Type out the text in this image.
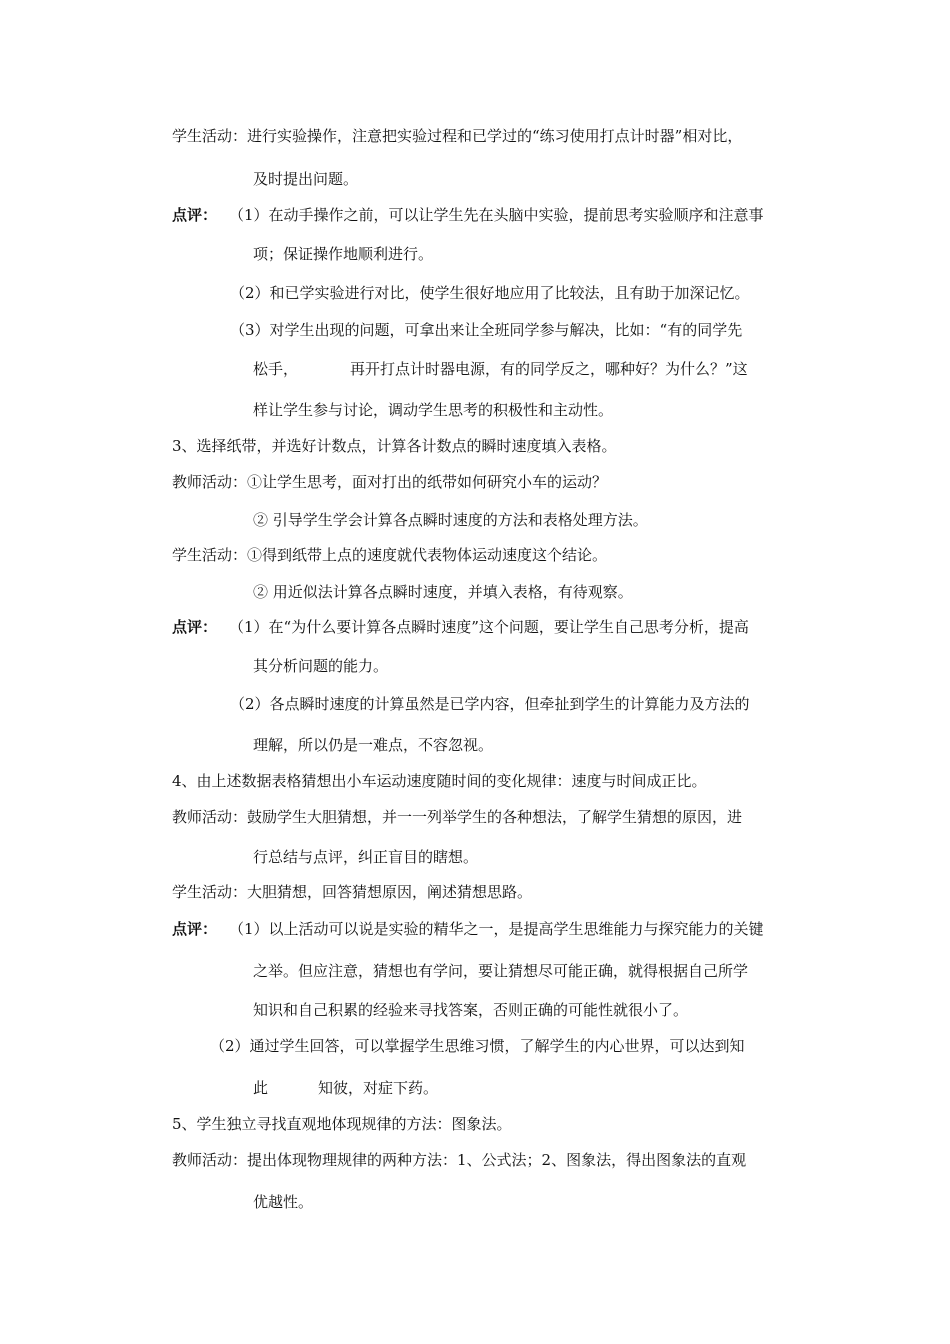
学生活动：进行实验操作，注意把实验过程和已学过的“练习使用打点计时器”相对比，
及时提出问题。
点评： （1）在动手操作之前，可以让学生先在头脑中实验，提前思考实验顺序和注意事
项；保证操作地顺利进行。
（2）和已学实验进行对比，使学生很好地应用了比较法，且有助于加深记忆。
（3）对学生出现的问题，可拿出来让全班同学参与解决，比如：“有的同学先
松手，	再开打点计时器电源，有的同学反之，哪种好？为什么？”这
样让学生参与讨论，调动学生思考的积极性和主动性。
3、选择纸带，并选好计数点，计算各计数点的瞬时速度填入表格。
教师活动：①让学生思考，面对打出的纸带如何研究小车的运动？
② 引导学生学会计算各点瞬时速度的方法和表格处理方法。
学生活动：①得到纸带上点的速度就代表物体运动速度这个结论。
② 用近似法计算各点瞬时速度，并填入表格，有待观察。
点评： （1）在“为什么要计算各点瞬时速度”这个问题，要让学生自己思考分析，提高
其分析问题的能力。
（2）各点瞬时速度的计算虽然是已学内容，但牵扯到学生的计算能力及方法的
理解，所以仍是一难点，不容忽视。
4、由上述数据表格猜想出小车运动速度随时间的变化规律：速度与时间成正比。
教师活动：鼓励学生大胆猜想，并一一列举学生的各种想法，了解学生猜想的原因，进
行总结与点评，纠正盲目的瞎想。
学生活动：大胆猜想，回答猜想原因，阐述猜想思路。
点评： （1）以上活动可以说是实验的精华之一，是提高学生思维能力与探究能力的关键
之举。但应注意，猜想也有学问，要让猜想尽可能正确，就得根据自己所学
知识和自己积累的经验来寻找答案，否则正确的可能性就很小了。
（2）通过学生回答，可以掌握学生思维习惯，了解学生的内心世界，可以达到知
此	知彼，对症下药。
5、学生独立寻找直观地体现规律的方法：图象法。
教师活动：提出体现物理规律的两种方法：1、公式法；2、图象法，得出图象法的直观
优越性。
